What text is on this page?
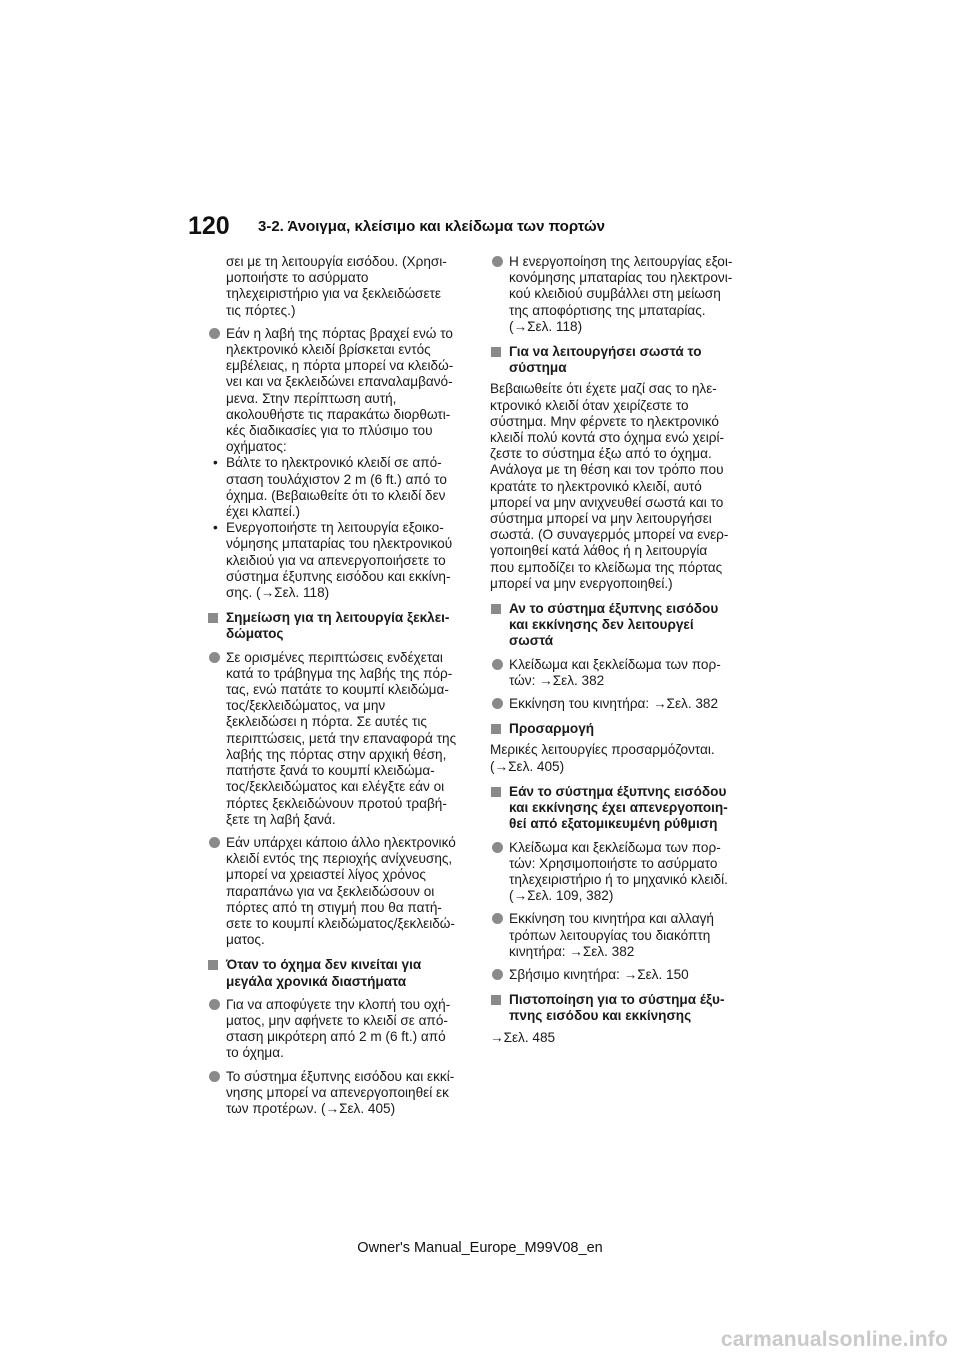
120 3-2. Άνοιγμα, κλείσιμο και κλείδωμα των πορτών
σει με τη λειτουργία εισόδου. (Χρησι-
μοποιήστε το ασύρματο
τηλεχειριστήριο για να ξεκλειδώσετε
τις πόρτες.)
Εάν η λαβή της πόρτας βραχεί ενώ το
ηλεκτρονικό κλειδί βρίσκεται εντός
εμβέλειας, η πόρτα μπορεί να κλειδώ-
νει και να ξεκλειδώνει επαναλαμβανό-
μενα. Στην περίπτωση αυτή,
ακολουθήστε τις παρακάτω διορθωτι-
κές διαδικασίες για το πλύσιμο του
οχήματος:
• Βάλτε το ηλεκτρονικό κλειδί σε από-
σταση τουλάχιστον 2 m (6 ft.) από το
όχημα. (Βεβαιωθείτε ότι το κλειδί δεν
έχει κλαπεί.)
• Ενεργοποιήστε τη λειτουργία εξοικο-
νόμησης μπαταρίας του ηλεκτρονικού
κλειδιού για να απενεργοποιήσετε το
σύστημα έξυπνης εισόδου και εκκίνη-
σης. (→Σελ. 118)
Σημείωση για τη λειτουργία ξεκλει-
δώματος
Σε ορισμένες περιπτώσεις ενδέχεται
κατά το τράβηγμα της λαβής της πόρ-
τας, ενώ πατάτε το κουμπί κλειδώμα-
τος/ξεκλειδώματος, να μην
ξεκλειδώσει η πόρτα. Σε αυτές τις
περιπτώσεις, μετά την επαναφορά της
λαβής της πόρτας στην αρχική θέση,
πατήστε ξανά το κουμπί κλειδώμα-
τος/ξεκλειδώματος και ελέγξτε εάν οι
πόρτες ξεκλειδώνουν προτού τραβή-
ξετε τη λαβή ξανά.
Εάν υπάρχει κάποιο άλλο ηλεκτρονικό
κλειδί εντός της περιοχής ανίχνευσης,
μπορεί να χρειαστεί λίγος χρόνος
παραπάνω για να ξεκλειδώσουν οι
πόρτες από τη στιγμή που θα πατή-
σετε το κουμπί κλειδώματος/ξεκλειδώ-
ματος.
Όταν το όχημα δεν κινείται για
μεγάλα χρονικά διαστήματα
Για να αποφύγετε την κλοπή του οχή-
ματος, μην αφήνετε το κλειδί σε από-
σταση μικρότερη από 2 m (6 ft.) από
το όχημα.
Το σύστημα έξυπνης εισόδου και εκκί-
νησης μπορεί να απενεργοποιηθεί εκ
των προτέρων. (→Σελ. 405)
Η ενεργοποίηση της λειτουργίας εξοι-
κονόμησης μπαταρίας του ηλεκτρονι-
κού κλειδιού συμβάλλει στη μείωση
της αποφόρτισης της μπαταρίας.
(→Σελ. 118)
Για να λειτουργήσει σωστά το
σύστημα
Βεβαιωθείτε ότι έχετε μαζί σας το ηλε-
κτρονικό κλειδί όταν χειρίζεστε το
σύστημα. Μην φέρνετε το ηλεκτρονικό
κλειδί πολύ κοντά στο όχημα ενώ χειρί-
ζεστε το σύστημα έξω από το όχημα.
Ανάλογα με τη θέση και τον τρόπο που
κρατάτε το ηλεκτρονικό κλειδί, αυτό
μπορεί να μην ανιχνευθεί σωστά και το
σύστημα μπορεί να μην λειτουργήσει
σωστά. (Ο συναγερμός μπορεί να ενερ-
γοποιηθεί κατά λάθος ή η λειτουργία
που εμποδίζει το κλείδωμα της πόρτας
μπορεί να μην ενεργοποιηθεί.)
Αν το σύστημα έξυπνης εισόδου
και εκκίνησης δεν λειτουργεί
σωστά
Κλείδωμα και ξεκλείδωμα των πορ-
τών: →Σελ. 382
Εκκίνηση του κινητήρα: →Σελ. 382
Προσαρμογή
Μερικές λειτουργίες προσαρμόζονται.
(→Σελ. 405)
Εάν το σύστημα έξυπνης εισόδου
και εκκίνησης έχει απενεργοποιη-
θεί από εξατομικευμένη ρύθμιση
Κλείδωμα και ξεκλείδωμα των πορ-
τών: Χρησιμοποιήστε το ασύρματο
τηλεχειριστήριο ή το μηχανικό κλειδί.
(→Σελ. 109, 382)
Εκκίνηση του κινητήρα και αλλαγή
τρόπων λειτουργίας του διακόπτη
κινητήρα: →Σελ. 382
Σβήσιμο κινητήρα: →Σελ. 150
Πιστοποίηση για το σύστημα έξυ-
πνης εισόδου και εκκίνησης
→Σελ. 485
Owner's Manual_Europe_M99V08_en
carmanualsonline.info
